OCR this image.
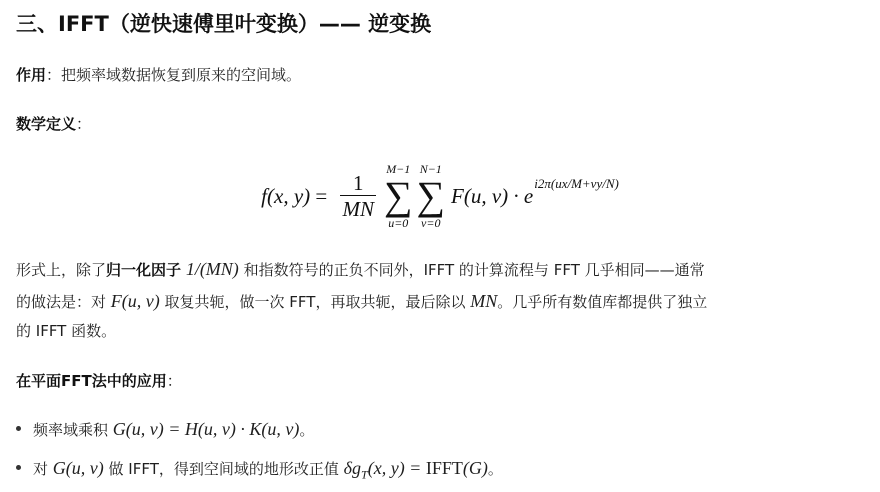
三、IFFT（逆快速傅里叶变换）—— 逆变换

作用：把频率域数据恢复到原来的空间域。

数学定义：

f(x, $y) = \frac{1}{MN}$
M−1
∑
u=0
N−1
∑
v=0
F(u, $v) \cdot e^{i2\pi(ux/M+vy/N)}$

形式上，除了归一化因子 1/(MN) 和指数符号的正负不同外，IFFT 的计算流程与 FFT 几乎相同——通常

的做法是：对 F(u, v) 取复共轭，做一次 FFT，再取共轭，最后除以 MN。几乎所有数值库都提供了独立

的 IFFT 函数。

在平面FFT法中的应用：

频率域乘积 G(u, v) = H(u, v) · K(u, v)。
对 G(u, v) 做 IFFT，得到空间域的地形改正值 $\delta g_T(x$, y) = IFFT(G)。
